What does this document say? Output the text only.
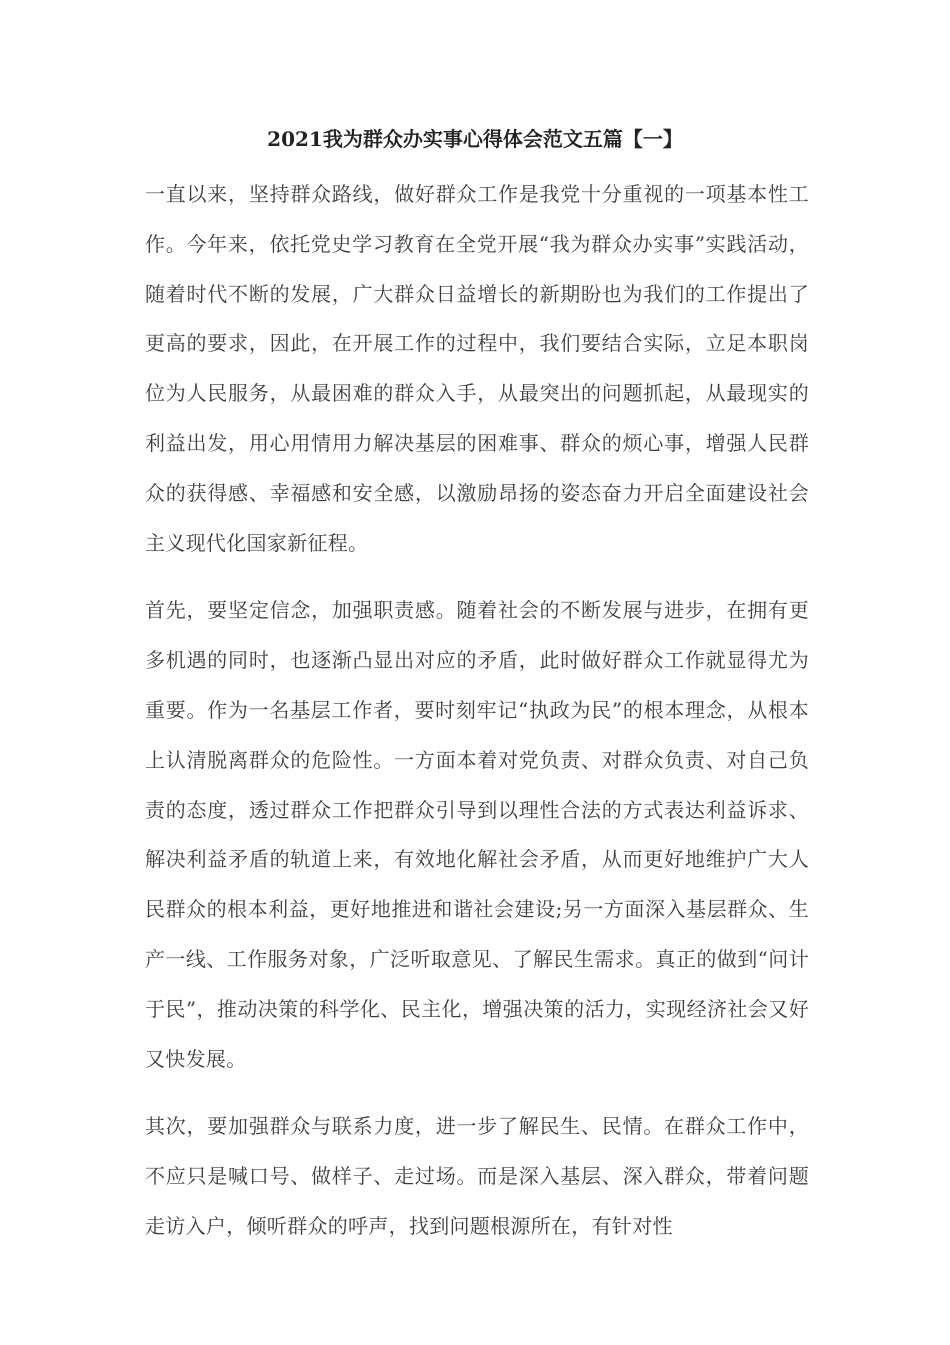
2021我为群众办实事心得体会范文五篇【一】

一直以来，坚持群众路线，做好群众工作是我党十分重视的一项基本性工作。今年来，依托党史学习教育在全党开展“我为群众办实事”实践活动，随着时代不断的发展，广大群众日益增长的新期盼也为我们的工作提出了更高的要求，因此，在开展工作的过程中，我们要结合实际，立足本职岗位为人民服务，从最困难的群众入手，从最突出的问题抓起，从最现实的利益出发，用心用情用力解决基层的困难事、群众的烦心事，增强人民群众的获得感、幸福感和安全感，以激励昂扬的姿态奋力开启全面建设社会主义现代化国家新征程。

首先，要坚定信念，加强职责感。随着社会的不断发展与进步，在拥有更多机遇的同时，也逐渐凸显出对应的矛盾，此时做好群众工作就显得尤为重要。作为一名基层工作者，要时刻牢记“执政为民”的根本理念，从根本上认清脱离群众的危险性。一方面本着对党负责、对群众负责、对自己负责的态度，透过群众工作把群众引导到以理性合法的方式表达利益诉求、解决利益矛盾的轨道上来，有效地化解社会矛盾，从而更好地维护广大人民群众的根本利益，更好地推进和谐社会建设;另一方面深入基层群众、生产一线、工作服务对象，广泛听取意见、了解民生需求。真正的做到“问计于民”，推动决策的科学化、民主化，增强决策的活力，实现经济社会又好又快发展。

其次，要加强群众与联系力度，进一步了解民生、民情。在群众工作中，不应只是喊口号、做样子、走过场。而是深入基层、深入群众，带着问题走访入户，倾听群众的呼声，找到问题根源所在，有针对性
